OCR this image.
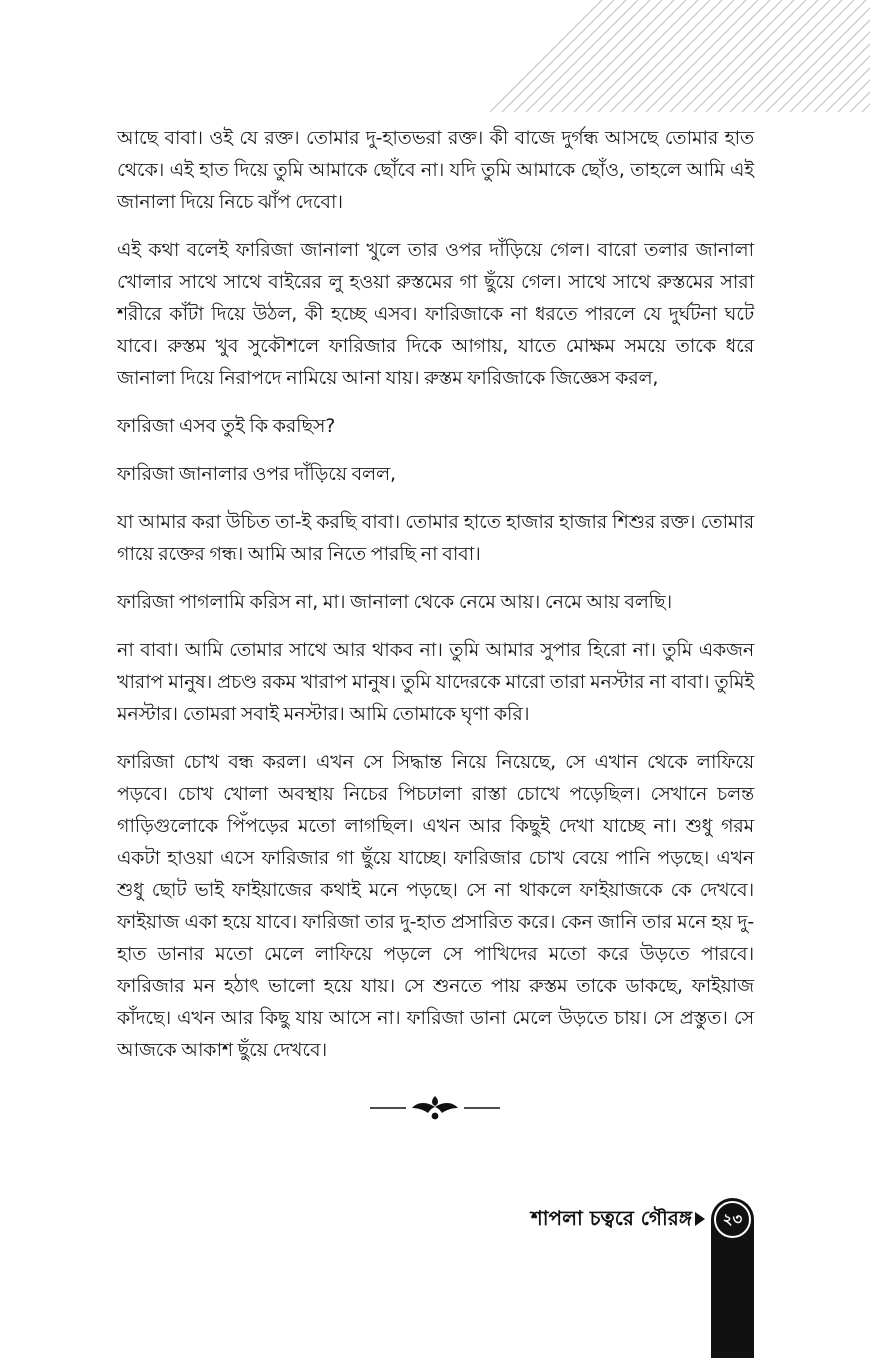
আছে বাবা। ওই যে রক্ত। তোমার দু-হাতভরা রক্ত। কী বাজে দুর্গন্ধ আসছে তোমার হাত থেকে। এই হাত দিয়ে তুমি আমাকে ছোঁবে না। যদি তুমি আমাকে ছোঁও, তাহলে আমি এই জানালা দিয়ে নিচে ঝাঁপ দেবো।

এই কথা বলেই ফারিজা জানালা খুলে তার ওপর দাঁড়িয়ে গেল। বারো তলার জানালা খোলার সাথে সাথে বাইরের লু হওয়া রুস্তমের গা ছুঁয়ে গেল। সাথে সাথে রুস্তমের সারা শরীরে কাঁটা দিয়ে উঠল, কী হচ্ছে এসব। ফারিজাকে না ধরতে পারলে যে দুর্ঘটনা ঘটে যাবে। রুস্তম খুব সুকৌশলে ফারিজার দিকে আগায়, যাতে মোক্ষম সময়ে তাকে ধরে জানালা দিয়ে নিরাপদে নামিয়ে আনা যায়। রুস্তম ফারিজাকে জিজ্ঞেস করল,

ফারিজা এসব তুই কি করছিস?

ফারিজা জানালার ওপর দাঁড়িয়ে বলল,

যা আমার করা উচিত তা-ই করছি বাবা। তোমার হাতে হাজার হাজার শিশুর রক্ত। তোমার গায়ে রক্তের গন্ধ। আমি আর নিতে পারছি না বাবা।

ফারিজা পাগলামি করিস না, মা। জানালা থেকে নেমে আয়। নেমে আয় বলছি।

না বাবা। আমি তোমার সাথে আর থাকব না। তুমি আমার সুপার হিরো না। তুমি একজন খারাপ মানুষ। প্রচণ্ড রকম খারাপ মানুষ। তুমি যাদেরকে মারো তারা মনস্টার না বাবা। তুমিই মনস্টার। তোমরা সবাই মনস্টার। আমি তোমাকে ঘৃণা করি।

ফারিজা চোখ বন্ধ করল। এখন সে সিদ্ধান্ত নিয়ে নিয়েছে, সে এখান থেকে লাফিয়ে পড়বে। চোখ খোলা অবস্থায় নিচের পিচঢালা রাস্তা চোখে পড়েছিল। সেখানে চলন্ত গাড়িগুলোকে পিঁপড়ের মতো লাগছিল। এখন আর কিছুই দেখা যাচ্ছে না। শুধু গরম একটা হাওয়া এসে ফারিজার গা ছুঁয়ে যাচ্ছে। ফারিজার চোখ বেয়ে পানি পড়ছে। এখন শুধু ছোট ভাই ফাইয়াজের কথাই মনে পড়ছে। সে না থাকলে ফাইয়াজকে কে দেখবে। ফাইয়াজ একা হয়ে যাবে। ফারিজা তার দু-হাত প্রসারিত করে। কেন জানি তার মনে হয় দু-হাত ডানার মতো মেলে লাফিয়ে পড়লে সে পাখিদের মতো করে উড়তে পারবে। ফারিজার মন হঠাৎ ভালো হয়ে যায়। সে শুনতে পায় রুস্তম তাকে ডাকছে, ফাইয়াজ কাঁদছে। এখন আর কিছু যায় আসে না। ফারিজা ডানা মেলে উড়তে চায়। সে প্রস্তুত। সে আজকে আকাশ ছুঁয়ে দেখবে।

শাপলা চত্বরে গৌরঙ্গ	২৩
